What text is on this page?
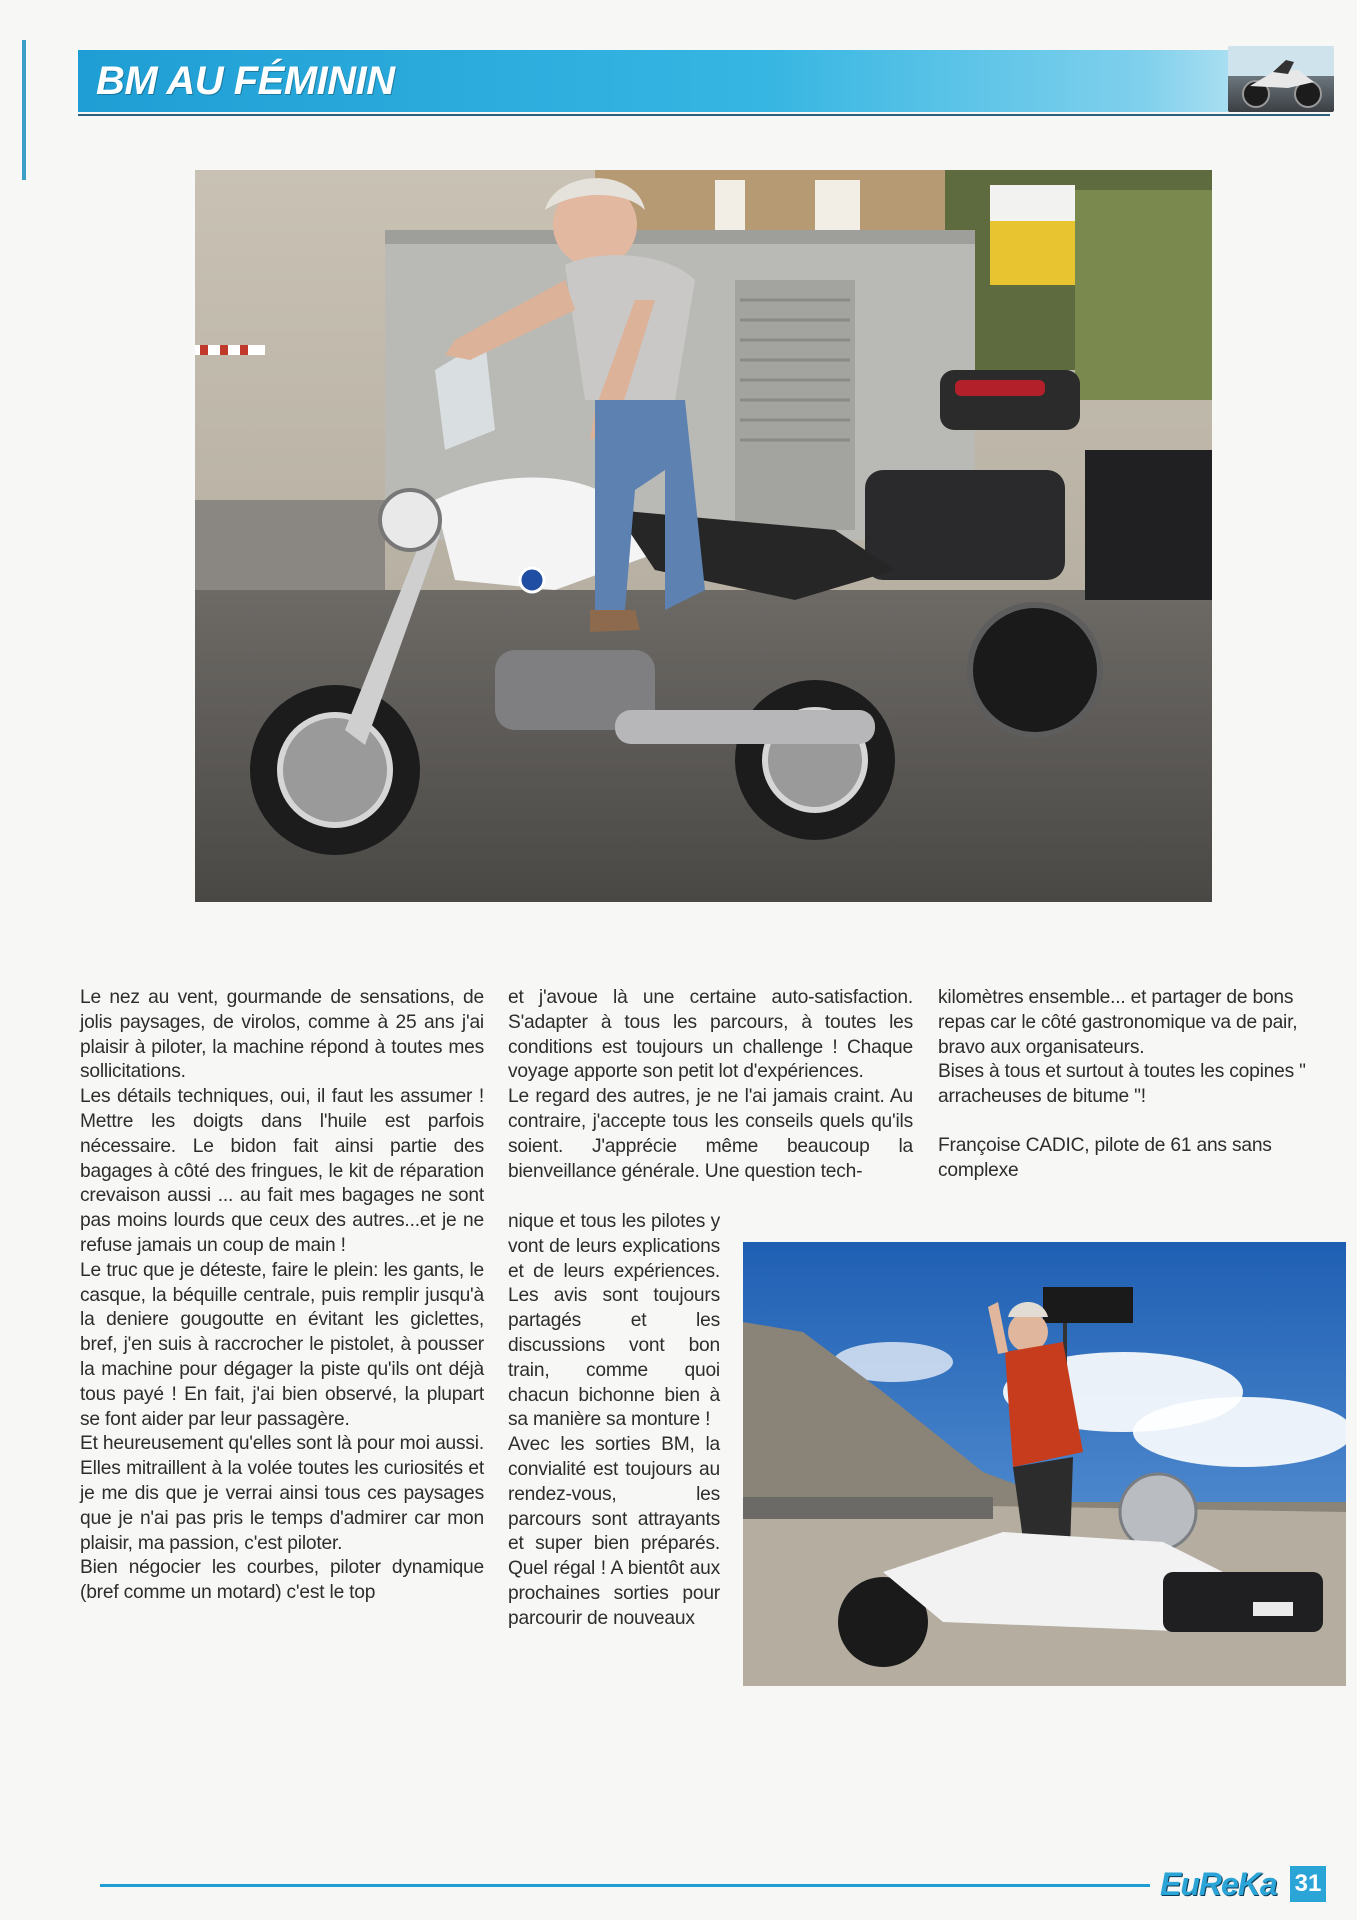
BM AU FÉMININ

Le nez au vent, gourmande de sensations, de jolis paysages, de virolos, comme à 25 ans j'ai plaisir à piloter, la machine répond à toutes mes sollicitations.

Les détails techniques, oui, il faut les assumer ! Mettre les doigts dans l'huile est parfois nécessaire. Le bidon fait ainsi partie des bagages à côté des fringues, le kit de réparation crevaison aussi ... au fait mes bagages ne sont pas moins lourds que ceux des autres...et je ne refuse jamais un coup de main !

Le truc que je déteste, faire le plein: les gants, le casque, la béquille centrale, puis remplir jusqu'à la deniere gougoutte en évitant les giclettes, bref, j'en suis à raccrocher le pistolet, à pousser la machine pour dégager la piste qu'ils ont déjà tous payé ! En fait, j'ai bien observé, la plupart se font aider par leur passagère.

Et heureusement qu'elles sont là pour moi aussi. Elles mitraillent à la volée toutes les curiosités et je me dis que je verrai ainsi tous ces paysages que je n'ai pas pris le temps d'admirer car mon plaisir, ma passion, c'est piloter.

Bien négocier les courbes, piloter dynamique (bref comme un motard) c'est le top

et j'avoue là une certaine auto-satisfaction. S'adapter à tous les parcours, à toutes les conditions est toujours un challenge ! Chaque voyage apporte son petit lot d'expériences.

Le regard des autres, je ne l'ai jamais craint. Au contraire, j'accepte tous les conseils quels qu'ils soient. J'apprécie même beaucoup la bienveillance générale. Une question tech-

nique et tous les pilotes y vont de leurs explications et de leurs expériences. Les avis sont toujours partagés et les discussions vont bon train, comme quoi chacun bichonne bien à sa manière sa monture !

Avec les sorties BM, la convialité est toujours au rendez-vous, les parcours sont attrayants et super bien préparés. Quel régal ! A bientôt aux prochaines sorties pour parcourir de nouveaux

kilomètres ensemble... et partager de bons repas car le côté gastronomique va de pair, bravo aux organisateurs.

Bises à tous et surtout à toutes les copines " arracheuses de bitume "!

Françoise CADIC, pilote de 61 ans sans complexe

EuReKa 31
